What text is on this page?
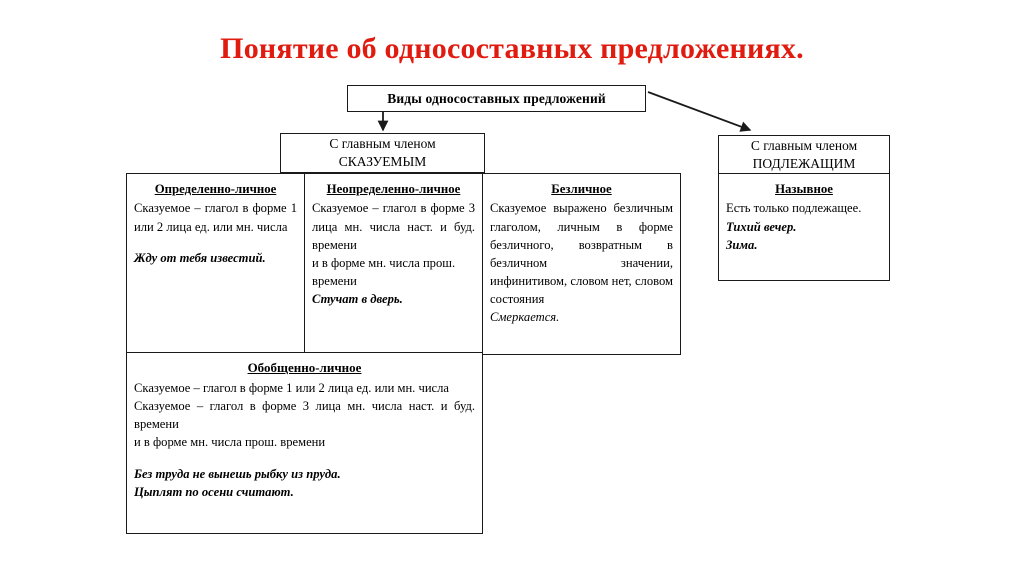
Понятие об односоставных предложениях.
Виды односоставных предложений
С главным членом
СКАЗУЕМЫМ
С главным членом
ПОДЛЕЖАЩИМ
Определенно-личное

Сказуемое – глагол в форме 1 или 2 лица ед. или мн. числа

Жду от тебя известий.

Неопределенно-личное

Сказуемое – глагол в форме 3 лица мн. числа наст. и буд. времени

и в форме мн. числа прош. времени

Стучат в дверь.

Безличное

Сказуемое выражено безличным глаголом, личным в форме безличного, возвратным в безличном значении, инфинитивом, словом нет, словом состояния

Смеркается.

Назывное

Есть только подлежащее.

Тихий вечер.

Зима.

Обобщенно-личное

Сказуемое – глагол в форме 1 или 2 лица ед. или мн. числа

Сказуемое – глагол в форме 3 лица мн. числа наст. и буд. времени

и в форме мн. числа прош. времени

Без труда не вынешь рыбку из пруда.

Цыплят по осени считают.
